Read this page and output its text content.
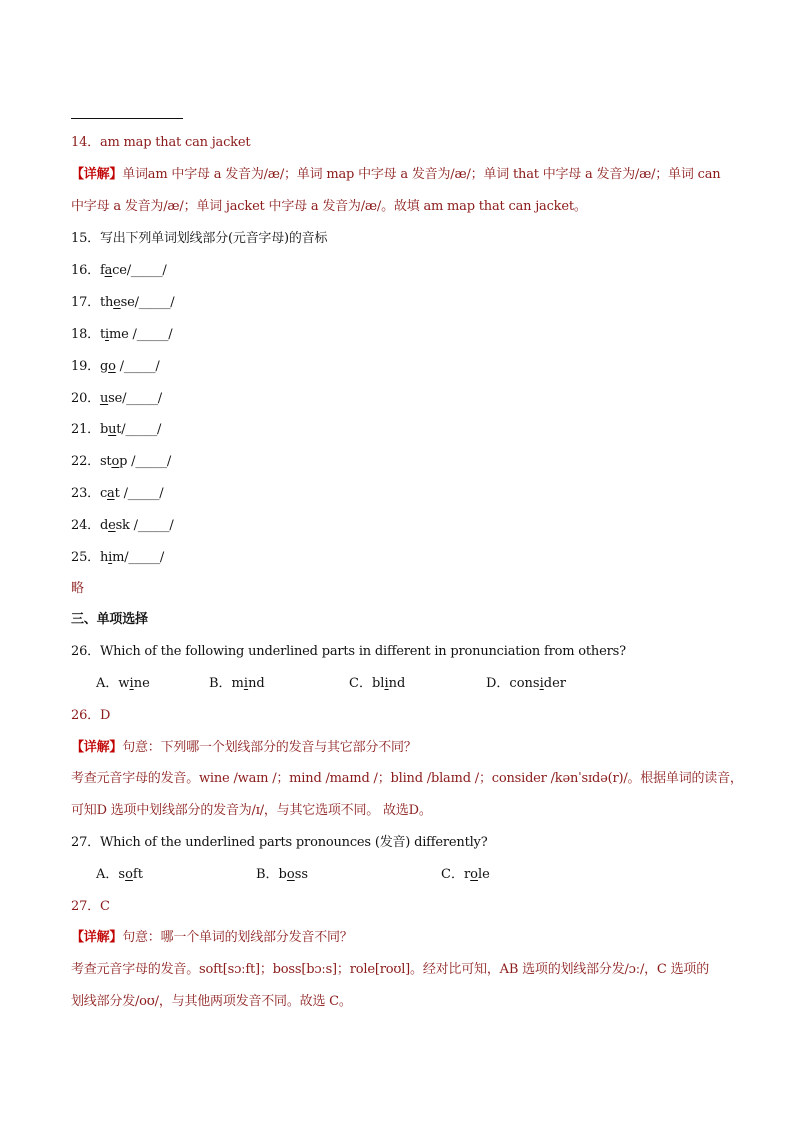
14．am map that can jacket
【详解】单词am 中字母 a 发音为/æ/；单词 map 中字母 a 发音为/æ/；单词 that 中字母 a 发音为/æ/；单词 can
中字母 a 发音为/æ/；单词 jacket 中字母 a 发音为/æ/。故填 am map that can jacket。
15．写出下列单词划线部分(元音字母)的音标
16．face/_____/
17．these/_____/
18．time /_____/
19．go /_____/
20．use/_____/
21．but/_____/
22．stop /_____/
23．cat /_____/
24．desk /_____/
25．him/_____/
略
三、单项选择
26．Which of the following underlined parts in different in pronunciation from others?
A．wine	B．mind	C．blind	D．consider
26．D
【详解】句意：下列哪一个划线部分的发音与其它部分不同？
考查元音字母的发音。wine /waɪn /；mind /maɪnd /；blind /blaɪnd /；consider /kənˈsɪdə(r)/。根据单词的读音，
可知D 选项中划线部分的发音为/ɪ/，与其它选项不同。 故选D。
27．Which of the underlined parts pronounces (发音) differently?
A．soft	B．boss	C．role
27．C
【详解】句意：哪一个单词的划线部分发音不同？
考查元音字母的发音。soft[sɔːft]；boss[bɔːs]；role[roʊl]。经对比可知，AB 选项的划线部分发/ɔː/，C 选项的
划线部分发/oʊ/，与其他两项发音不同。故选 C。
